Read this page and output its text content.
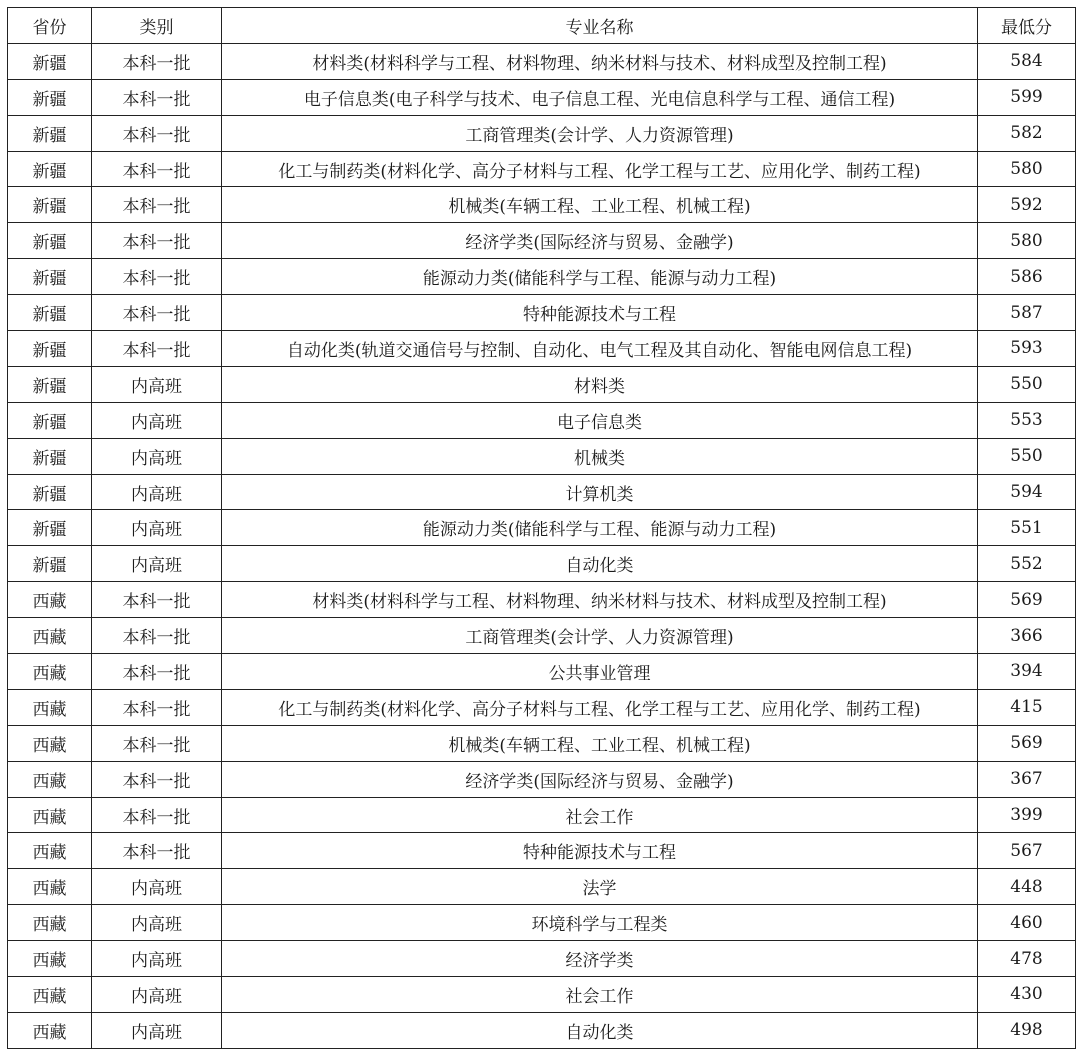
省份	类别	专业名称	最低分
新疆	本科一批	材料类(材料科学与工程、材料物理、纳米材料与技术、材料成型及控制工程)	584
新疆	本科一批	电子信息类(电子科学与技术、电子信息工程、光电信息科学与工程、通信工程)	599
新疆	本科一批	工商管理类(会计学、人力资源管理)	582
新疆	本科一批	化工与制药类(材料化学、高分子材料与工程、化学工程与工艺、应用化学、制药工程)	580
新疆	本科一批	机械类(车辆工程、工业工程、机械工程)	592
新疆	本科一批	经济学类(国际经济与贸易、金融学)	580
新疆	本科一批	能源动力类(储能科学与工程、能源与动力工程)	586
新疆	本科一批	特种能源技术与工程	587
新疆	本科一批	自动化类(轨道交通信号与控制、自动化、电气工程及其自动化、智能电网信息工程)	593
新疆	内高班	材料类	550
新疆	内高班	电子信息类	553
新疆	内高班	机械类	550
新疆	内高班	计算机类	594
新疆	内高班	能源动力类(储能科学与工程、能源与动力工程)	551
新疆	内高班	自动化类	552
西藏	本科一批	材料类(材料科学与工程、材料物理、纳米材料与技术、材料成型及控制工程)	569
西藏	本科一批	工商管理类(会计学、人力资源管理)	366
西藏	本科一批	公共事业管理	394
西藏	本科一批	化工与制药类(材料化学、高分子材料与工程、化学工程与工艺、应用化学、制药工程)	415
西藏	本科一批	机械类(车辆工程、工业工程、机械工程)	569
西藏	本科一批	经济学类(国际经济与贸易、金融学)	367
西藏	本科一批	社会工作	399
西藏	本科一批	特种能源技术与工程	567
西藏	内高班	法学	448
西藏	内高班	环境科学与工程类	460
西藏	内高班	经济学类	478
西藏	内高班	社会工作	430
西藏	内高班	自动化类	498
